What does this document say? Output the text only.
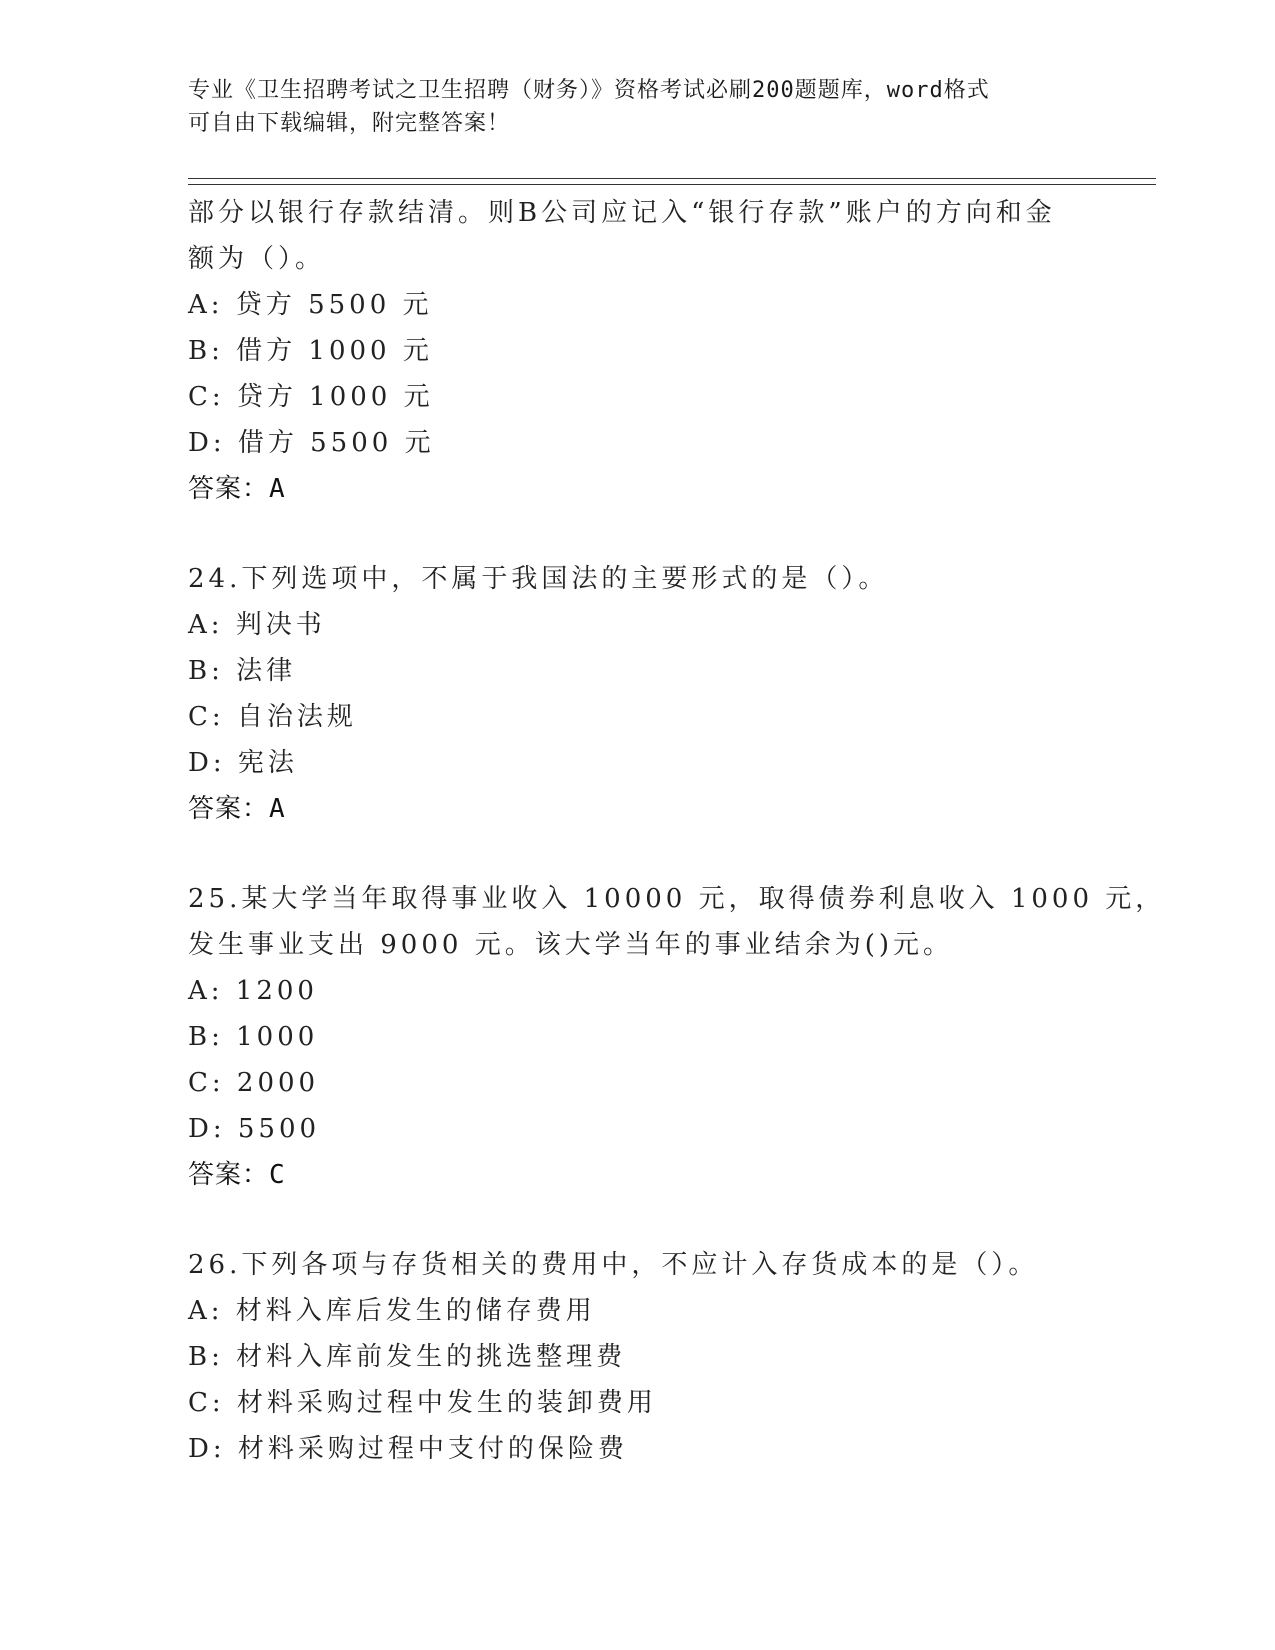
专业《卫生招聘考试之卫生招聘（财务）》资格考试必刷200题题库，word格式
可自由下载编辑，附完整答案！
部分以银行存款结清。则B公司应记入“银行存款”账户的方向和金
额为（）。
A: 贷方 5500 元
B: 借方 1000 元
C: 贷方 1000 元
D: 借方 5500 元
答案：A
24.下列选项中，不属于我国法的主要形式的是（）。
A: 判决书
B: 法律
C: 自治法规
D: 宪法
答案：A
25.某大学当年取得事业收入 10000 元，取得债券利息收入 1000 元，
发生事业支出 9000 元。该大学当年的事业结余为()元。
A: 1200
B: 1000
C: 2000
D: 5500
答案：C
26.下列各项与存货相关的费用中，不应计入存货成本的是（）。
A: 材料入库后发生的储存费用
B: 材料入库前发生的挑选整理费
C: 材料采购过程中发生的装卸费用
D: 材料采购过程中支付的保险费
